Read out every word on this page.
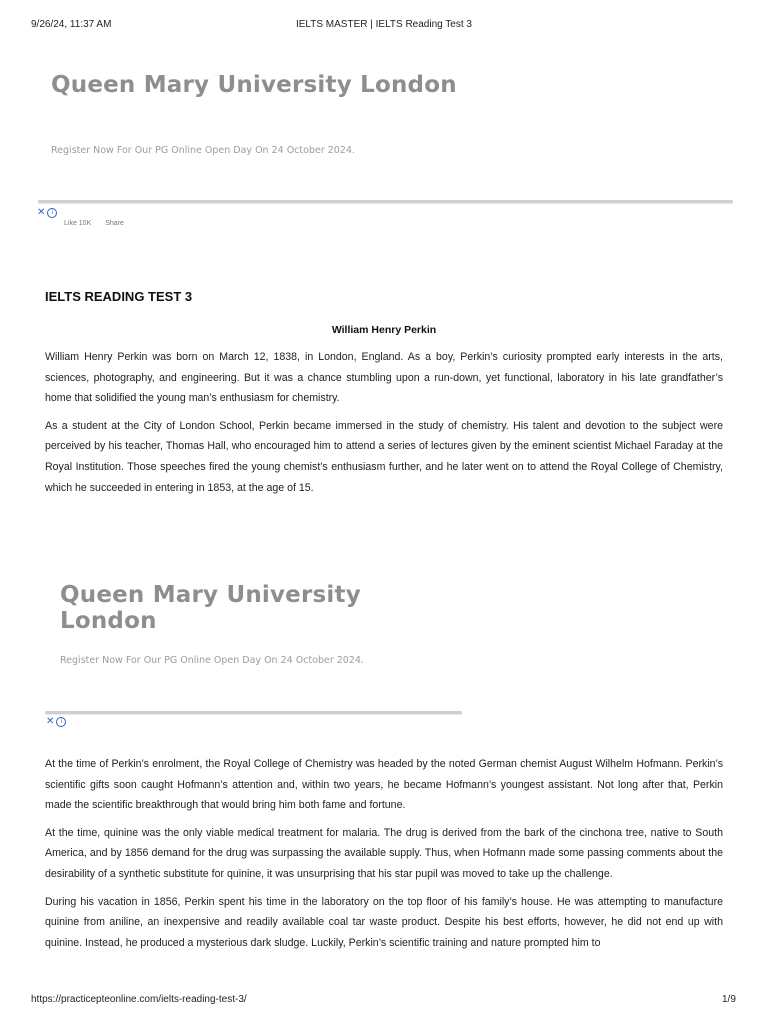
9/26/24, 11:37 AM	IELTS MASTER | IELTS Reading Test 3
Queen Mary University London
Register Now For Our PG Online Open Day On 24 October 2024.
✕ i
Like 10K Share
IELTS READING TEST 3
William Henry Perkin

William Henry Perkin was born on March 12, 1838, in London, England. As a boy, Perkin’s curiosity prompted early interests in the arts, sciences, photography, and engineering. But it was a chance stumbling upon a run-down, yet functional, laboratory in his late grandfather’s home that solidified the young man’s enthusiasm for chemistry.

As a student at the City of London School, Perkin became immersed in the study of chemistry. His talent and devotion to the subject were perceived by his teacher, Thomas Hall, who encouraged him to attend a series of lectures given by the eminent scientist Michael Faraday at the Royal Institution. Those speeches fired the young chemist’s enthusiasm further, and he later went on to attend the Royal College of Chemistry, which he succeeded in entering in 1853, at the age of 15.

Queen Mary University London
Register Now For Our PG Online Open Day On 24 October 2024.
✕ i

At the time of Perkin’s enrolment, the Royal College of Chemistry was headed by the noted German chemist August Wilhelm Hofmann. Perkin’s scientific gifts soon caught Hofmann’s attention and, within two years, he became Hofmann’s youngest assistant. Not long after that, Perkin made the scientific breakthrough that would bring him both fame and fortune.

At the time, quinine was the only viable medical treatment for malaria. The drug is derived from the bark of the cinchona tree, native to South America, and by 1856 demand for the drug was surpassing the available supply. Thus, when Hofmann made some passing comments about the desirability of a synthetic substitute for quinine, it was unsurprising that his star pupil was moved to take up the challenge.

During his vacation in 1856, Perkin spent his time in the laboratory on the top floor of his family’s house. He was attempting to manufacture quinine from aniline, an inexpensive and readily available coal tar waste product. Despite his best efforts, however, he did not end up with quinine. Instead, he produced a mysterious dark sludge. Luckily, Perkin’s scientific training and nature prompted him to

https://practicepteonline.com/ielts-reading-test-3/	1/9
